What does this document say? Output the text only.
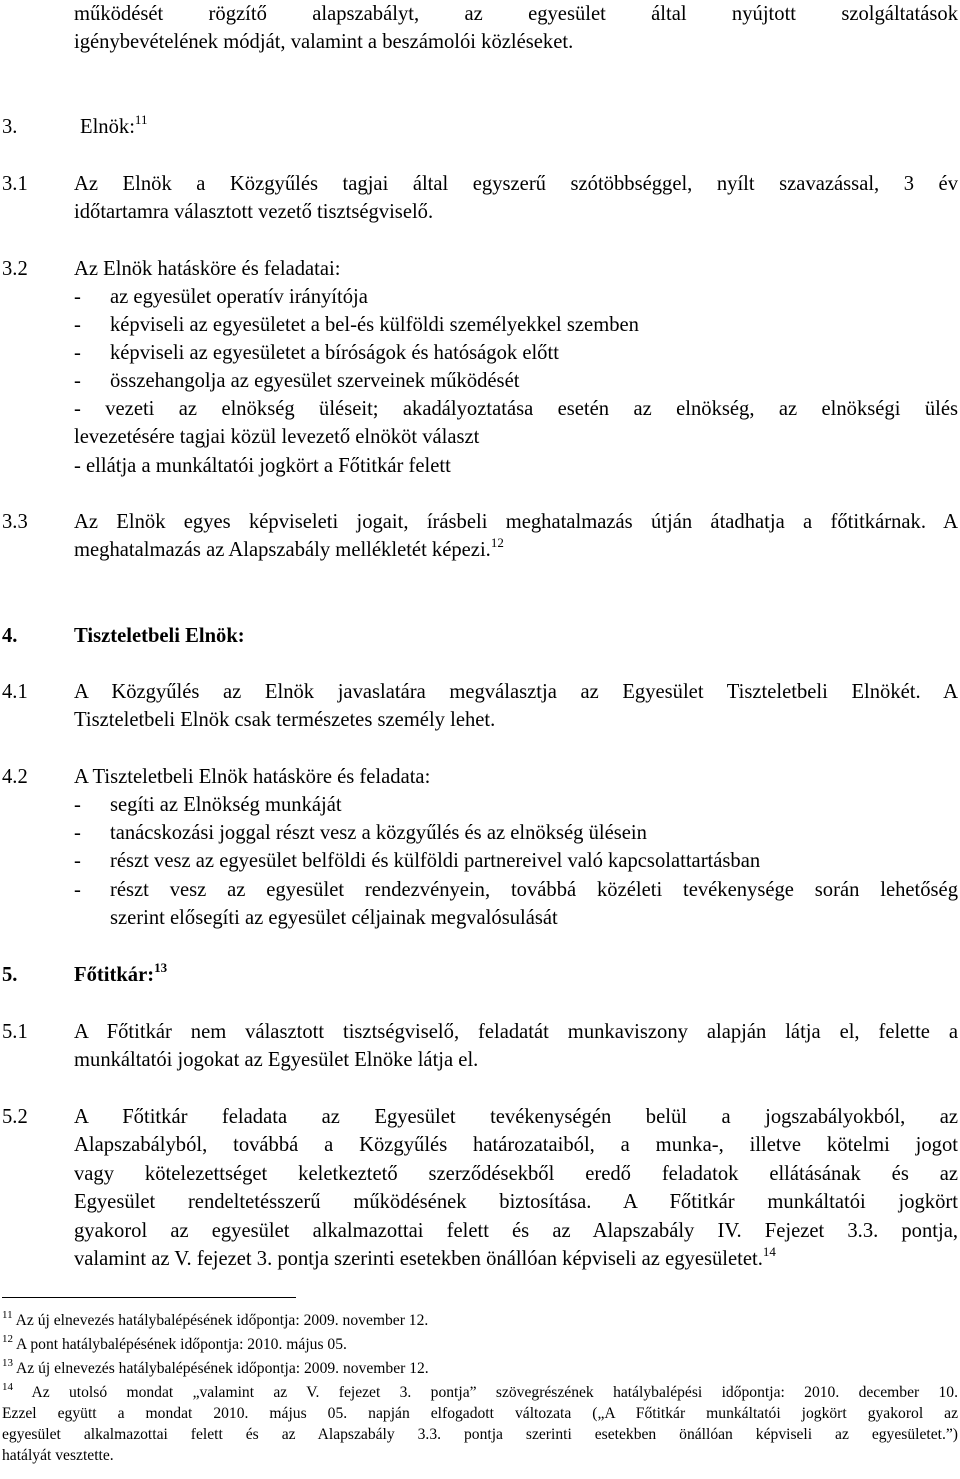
működését rögzítő alapszabályt, az egyesület által nyújtott szolgáltatások
igénybevételének módját, valamint a beszámolói közléseket.
3.	Elnök:$^{11}$
3.1 Az Elnök a Közgyűlés tagjai által egyszerű szótöbbséggel, nyílt szavazással, 3 év
időtartamra választott vezető tisztségviselő.
3.2 Az Elnök hatásköre és feladatai:
- az egyesület operatív irányítója
- képviseli az egyesületet a bel-és külföldi személyekkel szemben
- képviseli az egyesületet a bíróságok és hatóságok előtt
- összehangolja az egyesület szerveinek működését
- vezeti az elnökség üléseit; akadályoztatása esetén az elnökség, az elnökségi ülés
levezetésére tagjai közül levezető elnököt választ
- ellátja a munkáltatói jogkört a Főtitkár felett
3.3 Az Elnök egyes képviseleti jogait, írásbeli meghatalmazás útján átadhatja a főtitkárnak. A
meghatalmazás az Alapszabály mellékletét képezi.$^{12}$
4.	Tiszteletbeli Elnök:
4.1 A Közgyűlés az Elnök javaslatára megválasztja az Egyesület Tiszteletbeli Elnökét. A
Tiszteletbeli Elnök csak természetes személy lehet.
4.2 A Tiszteletbeli Elnök hatásköre és feladata:
- segíti az Elnökség munkáját
- tanácskozási joggal részt vesz a közgyűlés és az elnökség ülésein
- részt vesz az egyesület belföldi és külföldi partnereivel való kapcsolattartásban
- részt vesz az egyesület rendezvényein, továbbá közéleti tevékenysége során lehetőség
szerint elősegíti az egyesület céljainak megvalósulását
5.	Főtitkár:$^{13}$
5.1 A Főtitkár nem választott tisztségviselő, feladatát munkaviszony alapján látja el, felette a
munkáltatói jogokat az Egyesület Elnöke látja el.
5.2 A Főtitkár feladata az Egyesület tevékenységén belül a jogszabályokból, az
Alapszabályból, továbbá a Közgyűlés határozataiból, a munka-, illetve kötelmi jogot
vagy kötelezettséget keletkeztető szerződésekből eredő feladatok ellátásának és az
Egyesület rendeltetésszerű működésének biztosítása. A Főtitkár munkáltatói jogkört
gyakorol az egyesület alkalmazottai felett és az Alapszabály IV. Fejezet 3.3. pontja,
valamint az V. fejezet 3. pontja szerinti esetekben önállóan képviseli az egyesületet.$^{14}$
$^{11}$ Az új elnevezés hatálybalépésének időpontja: 2009. november 12.
$^{12}$ A pont hatálybalépésének időpontja: 2010. május 05.
$^{13}$ Az új elnevezés hatálybalépésének időpontja: 2009. november 12.
$^{14}$ Az utolsó mondat „valamint az V. fejezet 3. pontja” szövegrészének hatálybalépési időpontja: 2010. december 10.
Ezzel együtt a mondat 2010. május 05. napján elfogadott változata („A Főtitkár munkáltatói jogkört gyakorol az
egyesület alkalmazottai felett és az Alapszabály 3.3. pontja szerinti esetekben önállóan képviseli az egyesületet.”)
hatályát vesztette.
